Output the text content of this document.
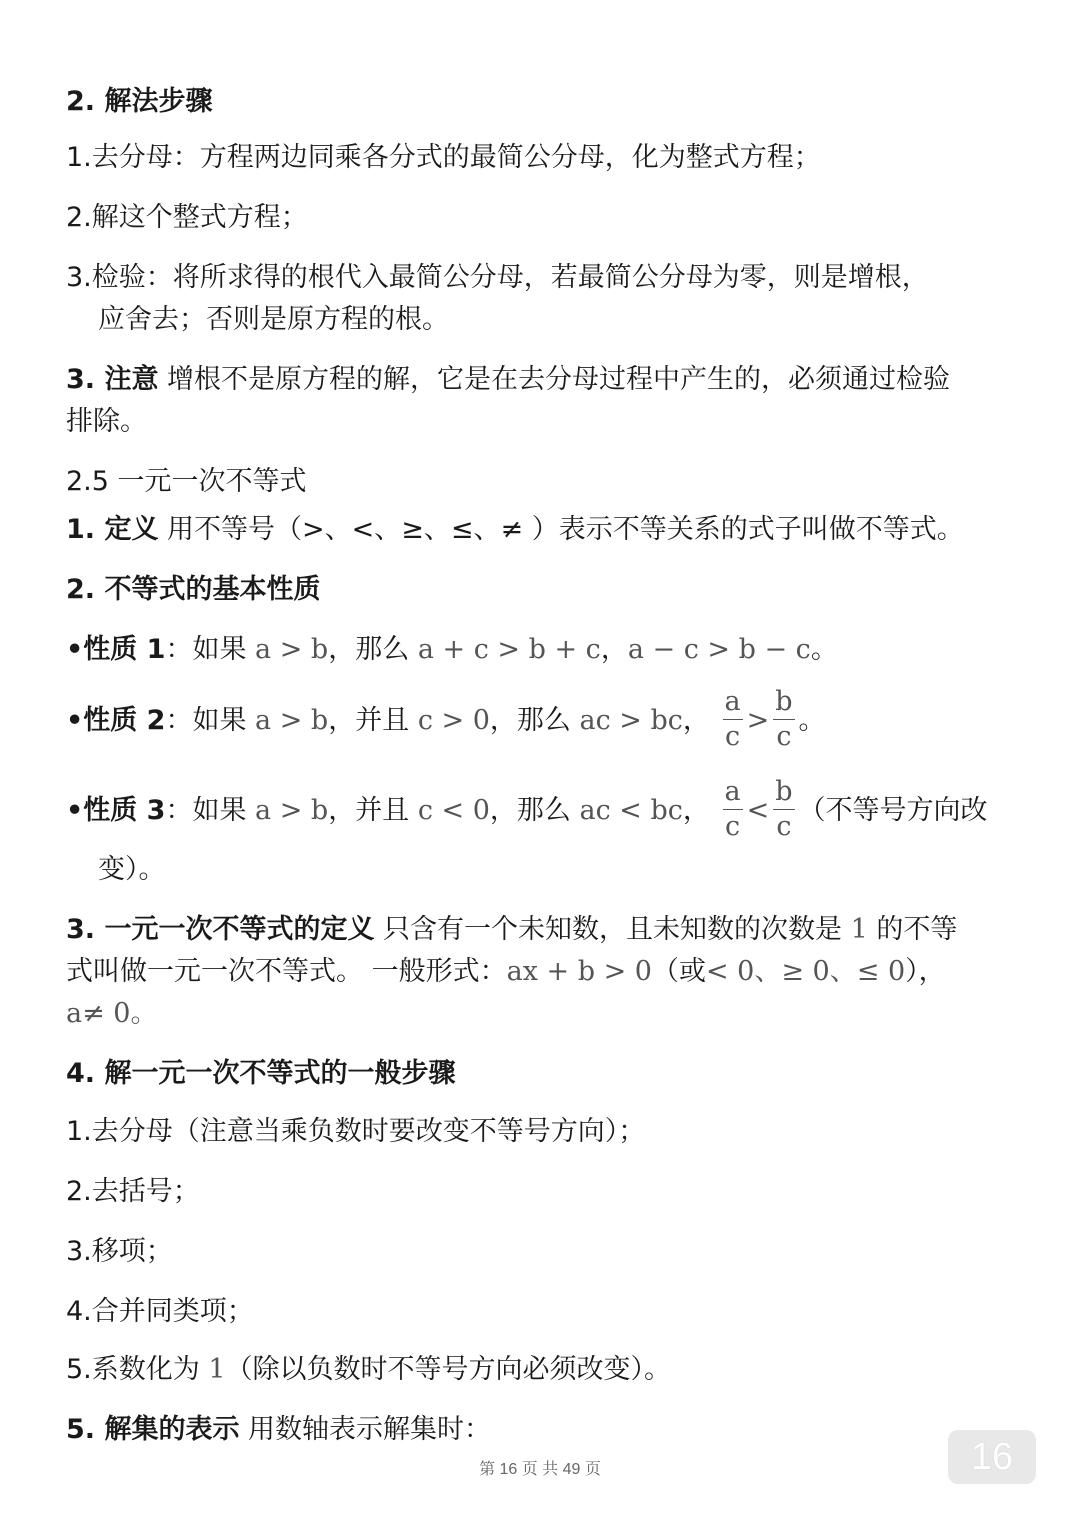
2. 解法步骤
1.去分母：方程两边同乘各分式的最简公分母，化为整式方程；
2.解这个整式方程；
3.检验：将所求得的根代入最简公分母，若最简公分母为零，则是增根，
应舍去；否则是原方程的根。
3. 注意 增根不是原方程的解，它是在去分母过程中产生的，必须通过检验
排除。
2.5 一元一次不等式
1. 定义 用不等号（>、<、≥、≤、≠ ）表示不等关系的式子叫做不等式。
2. 不等式的基本性质
•性质 1：如果 a > b，那么 a + c > b + c，a − c > b − c。
•性质 2：如果 a > b，并且 c > 0，那么 ac > bc， $\frac{a}{c} > \frac{b}{c}$ 。
•性质 3：如果 a > b，并且 c < 0，那么 ac < bc， $\frac{a}{c} < \frac{b}{c}$ （不等号方向改
变）。
3. 一元一次不等式的定义 只含有一个未知数，且未知数的次数是 1 的不等
式叫做一元一次不等式。 一般形式：ax + b > 0（或< 0、≥ 0、≤ 0），
a≠ 0。
4. 解一元一次不等式的一般步骤
1.去分母（注意当乘负数时要改变不等号方向）；
2.去括号；
3.移项；
4.合并同类项；
5.系数化为 1（除以负数时不等号方向必须改变）。
5. 解集的表示 用数轴表示解集时：
第 16 页 共 49 页	16
